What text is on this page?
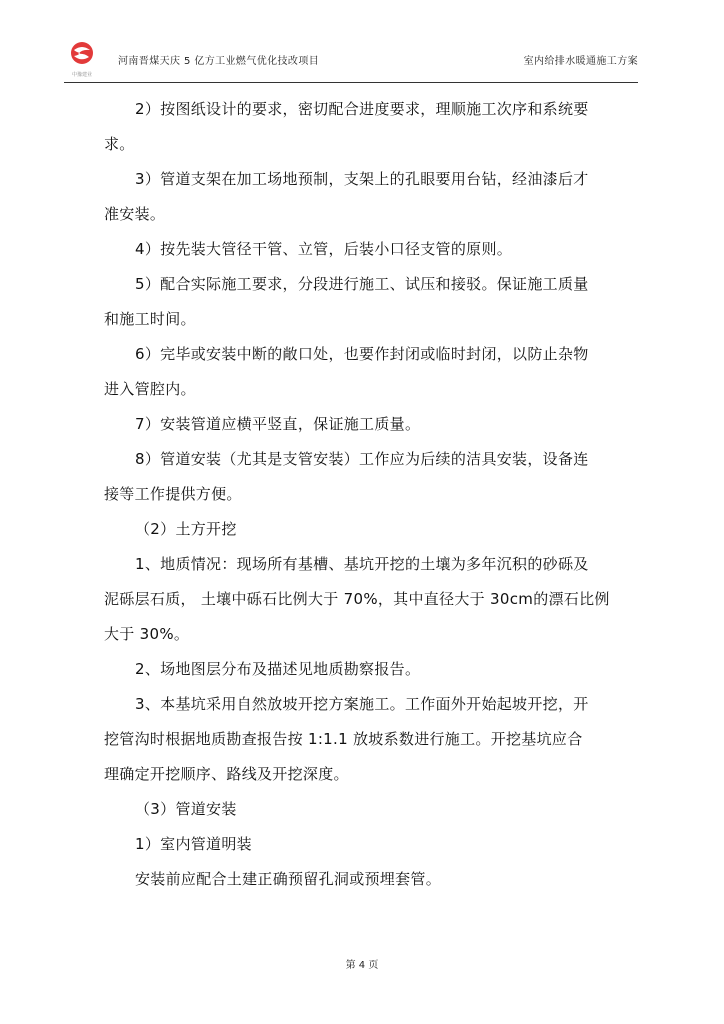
中豫建业
河南晋煤天庆 5 亿方工业燃气优化技改项目	室内给排水暖通施工方案
2）按图纸设计的要求，密切配合进度要求，理顺施工次序和系统要
求。
3）管道支架在加工场地预制，支架上的孔眼要用台钻，经油漆后才
准安装。
4）按先装大管径干管、立管，后装小口径支管的原则。
5）配合实际施工要求，分段进行施工、试压和接驳。保证施工质量
和施工时间。
6）完毕或安装中断的敞口处，也要作封闭或临时封闭，以防止杂物
进入管腔内。
7）安装管道应横平竖直，保证施工质量。
8）管道安装（尤其是支管安装）工作应为后续的洁具安装，设备连
接等工作提供方便。
（2）土方开挖
1、地质情况：现场所有基槽、基坑开挖的土壤为多年沉积的砂砾及
泥砾层石质， 土壤中砾石比例大于 70%，其中直径大于 30cm的漂石比例
大于 30%。
2、场地图层分布及描述见地质勘察报告。
3、本基坑采用自然放坡开挖方案施工。工作面外开始起坡开挖，开
挖管沟时根据地质勘查报告按 1:1.1 放坡系数进行施工。开挖基坑应合
理确定开挖顺序、路线及开挖深度。
（3）管道安装
1）室内管道明装
安装前应配合土建正确预留孔洞或预埋套管。
第 4 页
